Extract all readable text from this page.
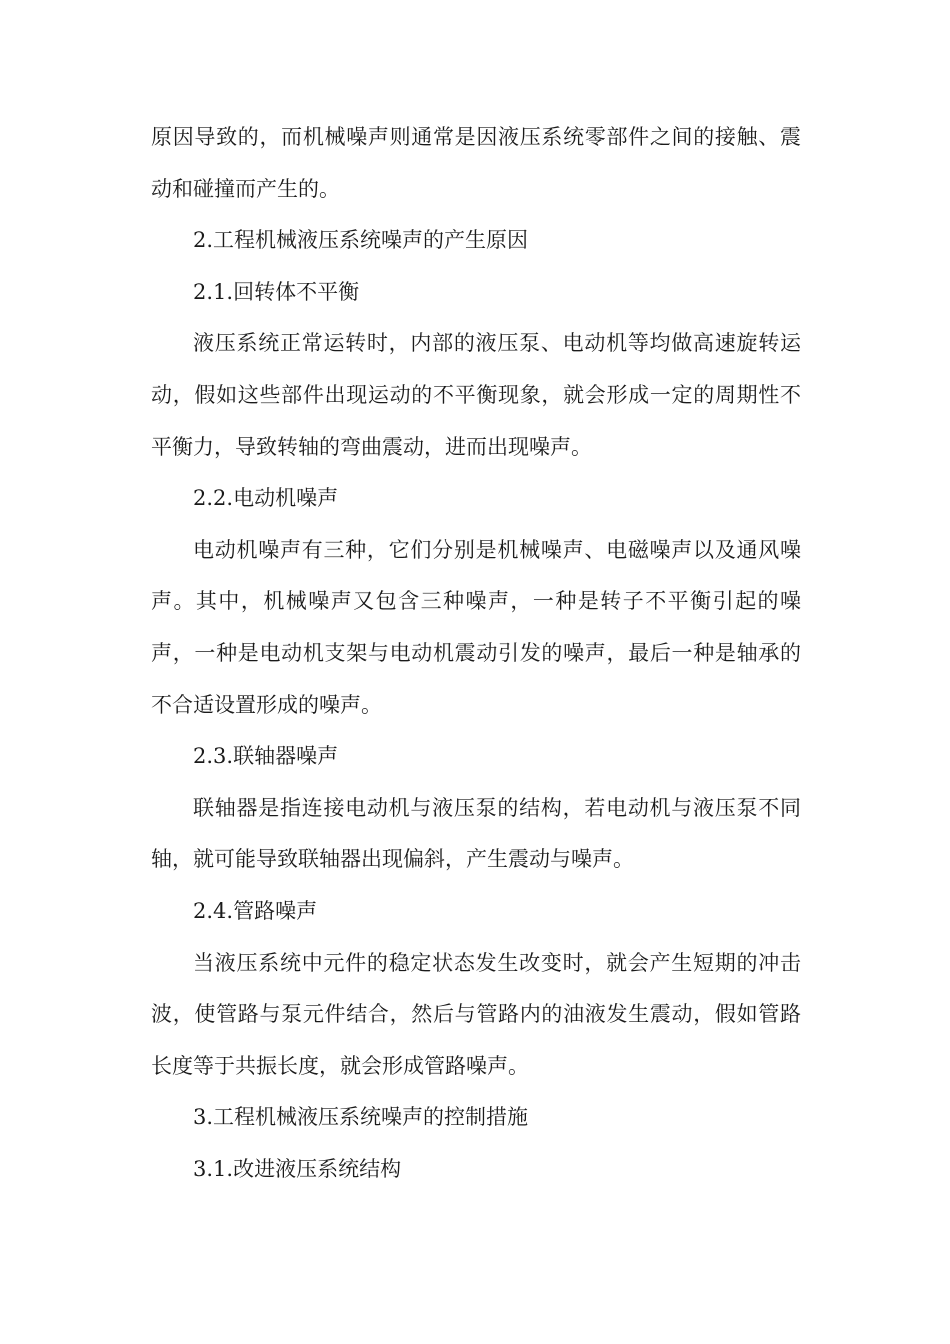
原因导致的，而机械噪声则通常是因液压系统零部件之间的接触、震动和碰撞而产生的。

2.工程机械液压系统噪声的产生原因

2.1.回转体不平衡

液压系统正常运转时，内部的液压泵、电动机等均做高速旋转运动，假如这些部件出现运动的不平衡现象，就会形成一定的周期性不平衡力，导致转轴的弯曲震动，进而出现噪声。

2.2.电动机噪声

电动机噪声有三种，它们分别是机械噪声、电磁噪声以及通风噪声。其中，机械噪声又包含三种噪声，一种是转子不平衡引起的噪声，一种是电动机支架与电动机震动引发的噪声，最后一种是轴承的不合适设置形成的噪声。

2.3.联轴器噪声

联轴器是指连接电动机与液压泵的结构，若电动机与液压泵不同轴，就可能导致联轴器出现偏斜，产生震动与噪声。

2.4.管路噪声

当液压系统中元件的稳定状态发生改变时，就会产生短期的冲击波，使管路与泵元件结合，然后与管路内的油液发生震动，假如管路长度等于共振长度，就会形成管路噪声。

3.工程机械液压系统噪声的控制措施

3.1.改进液压系统结构
